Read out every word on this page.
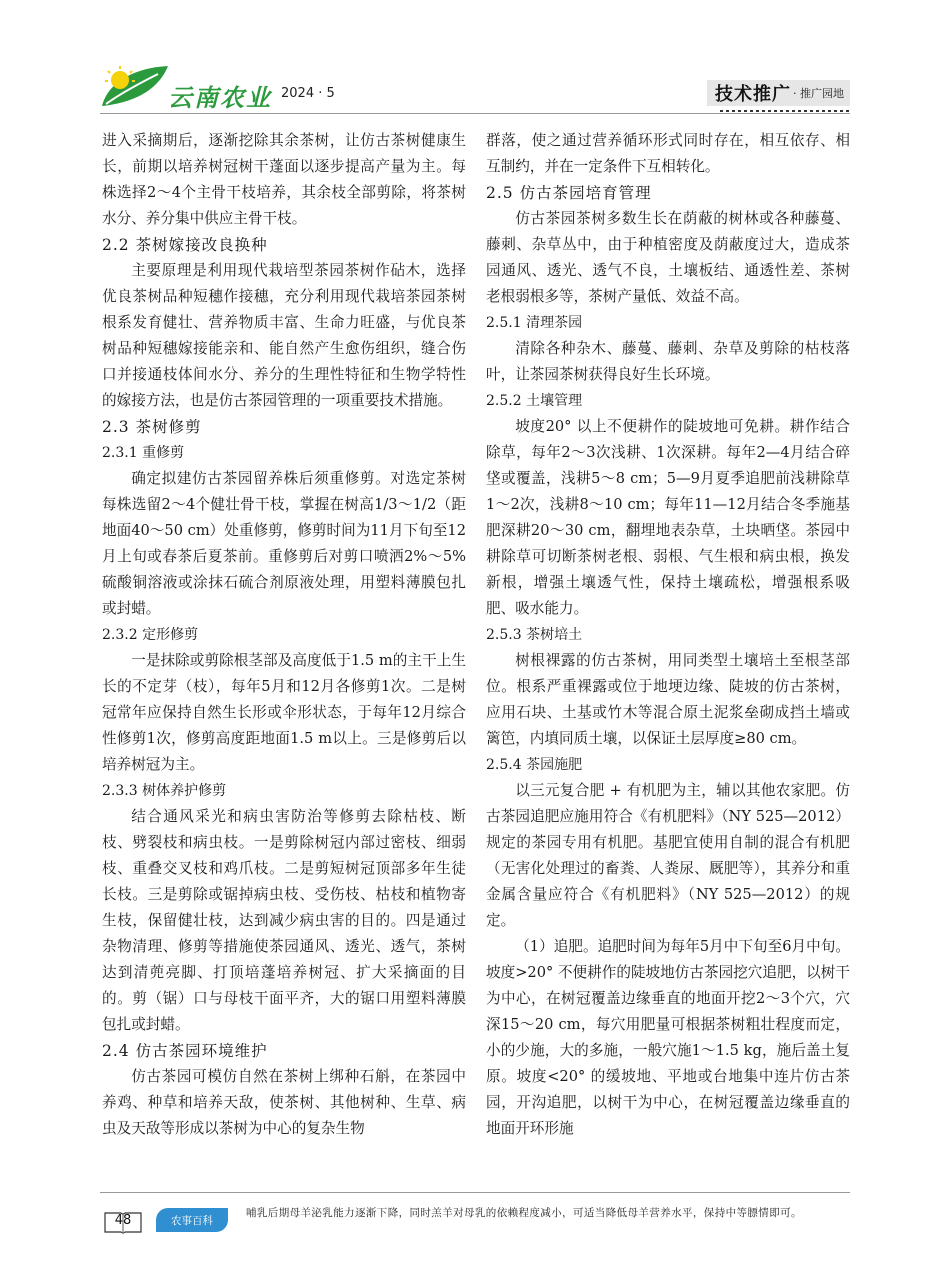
云南农业 2024 · 5	技术推广 · 推广园地

进入采摘期后，逐渐挖除其余茶树，让仿古茶树健康生长，前期以培养树冠树干蓬面以逐步提高产量为主。每株选择2～4个主骨干枝培养，其余枝全部剪除，将茶树水分、养分集中供应主骨干枝。

2.2 茶树嫁接改良换种

主要原理是利用现代栽培型茶园茶树作砧木，选择优良茶树品种短穗作接穗，充分利用现代栽培茶园茶树根系发育健壮、营养物质丰富、生命力旺盛，与优良茶树品种短穗嫁接能亲和、能自然产生愈伤组织，缝合伤口并接通枝体间水分、养分的生理性特征和生物学特性的嫁接方法，也是仿古茶园管理的一项重要技术措施。

2.3 茶树修剪
2.3.1 重修剪

确定拟建仿古茶园留养株后须重修剪。对选定茶树每株选留2～4个健壮骨干枝，掌握在树高1/3～1/2（距地面40～50 cm）处重修剪，修剪时间为11月下旬至12月上旬或春茶后夏茶前。重修剪后对剪口喷洒2%～5%硫酸铜溶液或涂抹石硫合剂原液处理，用塑料薄膜包扎或封蜡。

2.3.2 定形修剪

一是抹除或剪除根茎部及高度低于1.5 m的主干上生长的不定芽（枝），每年5月和12月各修剪1次。二是树冠常年应保持自然生长形或伞形状态，于每年12月综合性修剪1次，修剪高度距地面1.5 m以上。三是修剪后以培养树冠为主。

2.3.3 树体养护修剪

结合通风采光和病虫害防治等修剪去除枯枝、断枝、劈裂枝和病虫枝。一是剪除树冠内部过密枝、细弱枝、重叠交叉枝和鸡爪枝。二是剪短树冠顶部多年生徒长枝。三是剪除或锯掉病虫枝、受伤枝、枯枝和植物寄生枝，保留健壮枝，达到减少病虫害的目的。四是通过杂物清理、修剪等措施使茶园通风、透光、透气，茶树达到清蔸亮脚、打顶培蓬培养树冠、扩大采摘面的目的。剪（锯）口与母枝干面平齐，大的锯口用塑料薄膜包扎或封蜡。

2.4 仿古茶园环境维护

仿古茶园可模仿自然在茶树上绑种石斛，在茶园中养鸡、种草和培养天敌，使茶树、其他树种、生草、病虫及天敌等形成以茶树为中心的复杂生物

群落，使之通过营养循环形式同时存在，相互依存、相互制约，并在一定条件下互相转化。

2.5 仿古茶园培育管理

仿古茶园茶树多数生长在荫蔽的树林或各种藤蔓、藤刺、杂草丛中，由于种植密度及荫蔽度过大，造成茶园通风、透光、透气不良，土壤板结、通透性差、茶树老根弱根多等，茶树产量低、效益不高。

2.5.1 清理茶园

清除各种杂木、藤蔓、藤刺、杂草及剪除的枯枝落叶，让茶园茶树获得良好生长环境。

2.5.2 土壤管理

坡度20° 以上不便耕作的陡坡地可免耕。耕作结合除草，每年2～3次浅耕、1次深耕。每年2—4月结合碎垡或覆盖，浅耕5～8 cm；5—9月夏季追肥前浅耕除草1～2次，浅耕8～10 cm；每年11—12月结合冬季施基肥深耕20～30 cm，翻埋地表杂草，土块晒垡。茶园中耕除草可切断茶树老根、弱根、气生根和病虫根，换发新根，增强土壤透气性，保持土壤疏松，增强根系吸肥、吸水能力。

2.5.3 茶树培土

树根裸露的仿古茶树，用同类型土壤培土至根茎部位。根系严重裸露或位于地埂边缘、陡坡的仿古茶树，应用石块、土基或竹木等混合原土泥浆垒砌成挡土墙或篱笆，内填同质土壤，以保证土层厚度≥80 cm。

2.5.4 茶园施肥

以三元复合肥 + 有机肥为主，辅以其他农家肥。仿古茶园追肥应施用符合《有机肥料》（NY 525—2012）规定的茶园专用有机肥。基肥宜使用自制的混合有机肥（无害化处理过的畜粪、人粪尿、厩肥等），其养分和重金属含量应符合《有机肥料》（NY 525—2012）的规定。

（1）追肥。追肥时间为每年5月中下旬至6月中旬。坡度>20° 不便耕作的陡坡地仿古茶园挖穴追肥，以树干为中心，在树冠覆盖边缘垂直的地面开挖2～3个穴，穴深15～20 cm，每穴用肥量可根据茶树粗壮程度而定，小的少施，大的多施，一般穴施1～1.5 kg，施后盖土复原。坡度<20° 的缓坡地、平地或台地集中连片仿古茶园，开沟追肥，以树干为中心，在树冠覆盖边缘垂直的地面开环形施

48	农事百科
哺乳后期母羊泌乳能力逐渐下降，同时羔羊对母乳的依赖程度减小，可适当降低母羊营养水平，保持中等膘情即可。
